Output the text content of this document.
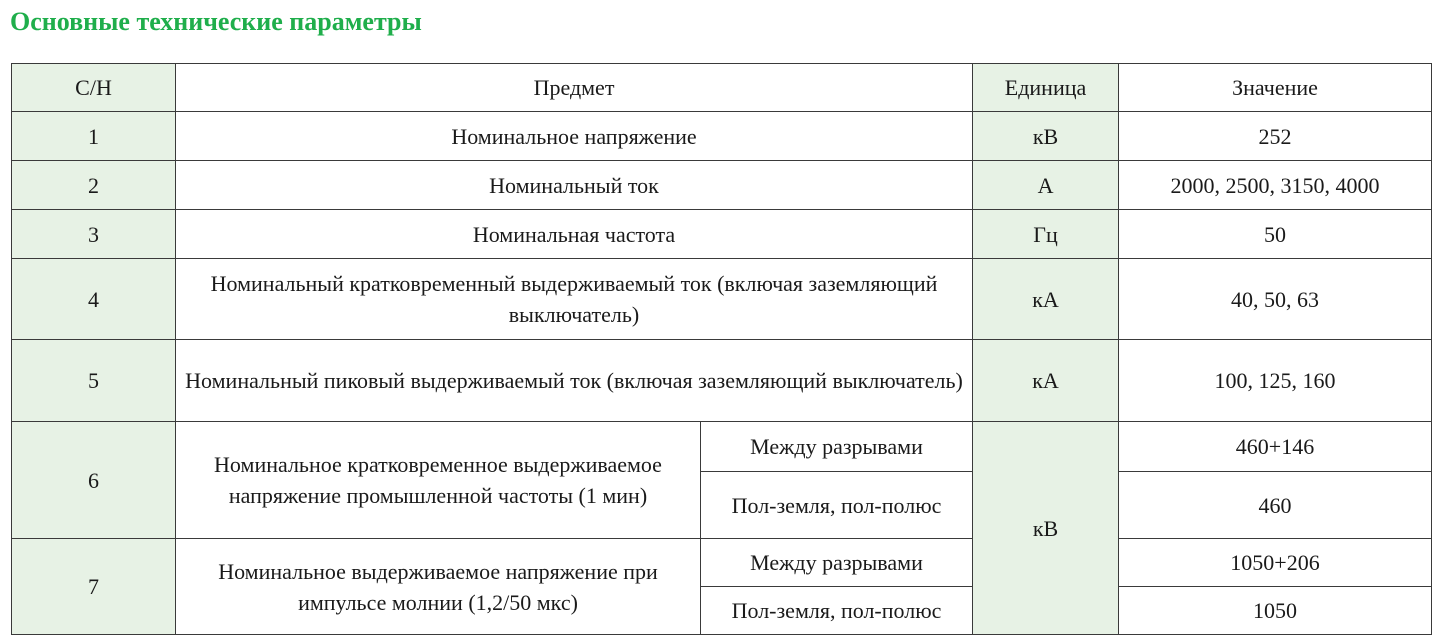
Основные технические параметры
С/Н	Предмет		Единица	Значение
1	Номинальное напряжение		кВ	252
2	Номинальный ток		А	2000, 2500, 3150, 4000
3	Номинальная частота		Гц	50
4	Номинальный кратковременный выдерживаемый ток (включая заземляющий выключатель)		кА	40, 50, 63
5	Номинальный пиковый выдерживаемый ток (включая заземляющий выключатель)		кА	100, 125, 160
6	Номинальное кратковременное выдерживаемое напряжение промышленной частоты (1 мин)	Между разрывами	кВ	460+146
		Пол-земля, пол-полюс		460
7	Номинальное выдерживаемое напряжение при импульсе молнии (1,2/50 мкс)	Между разрывами		1050+206
		Пол-земля, пол-полюс		1050
